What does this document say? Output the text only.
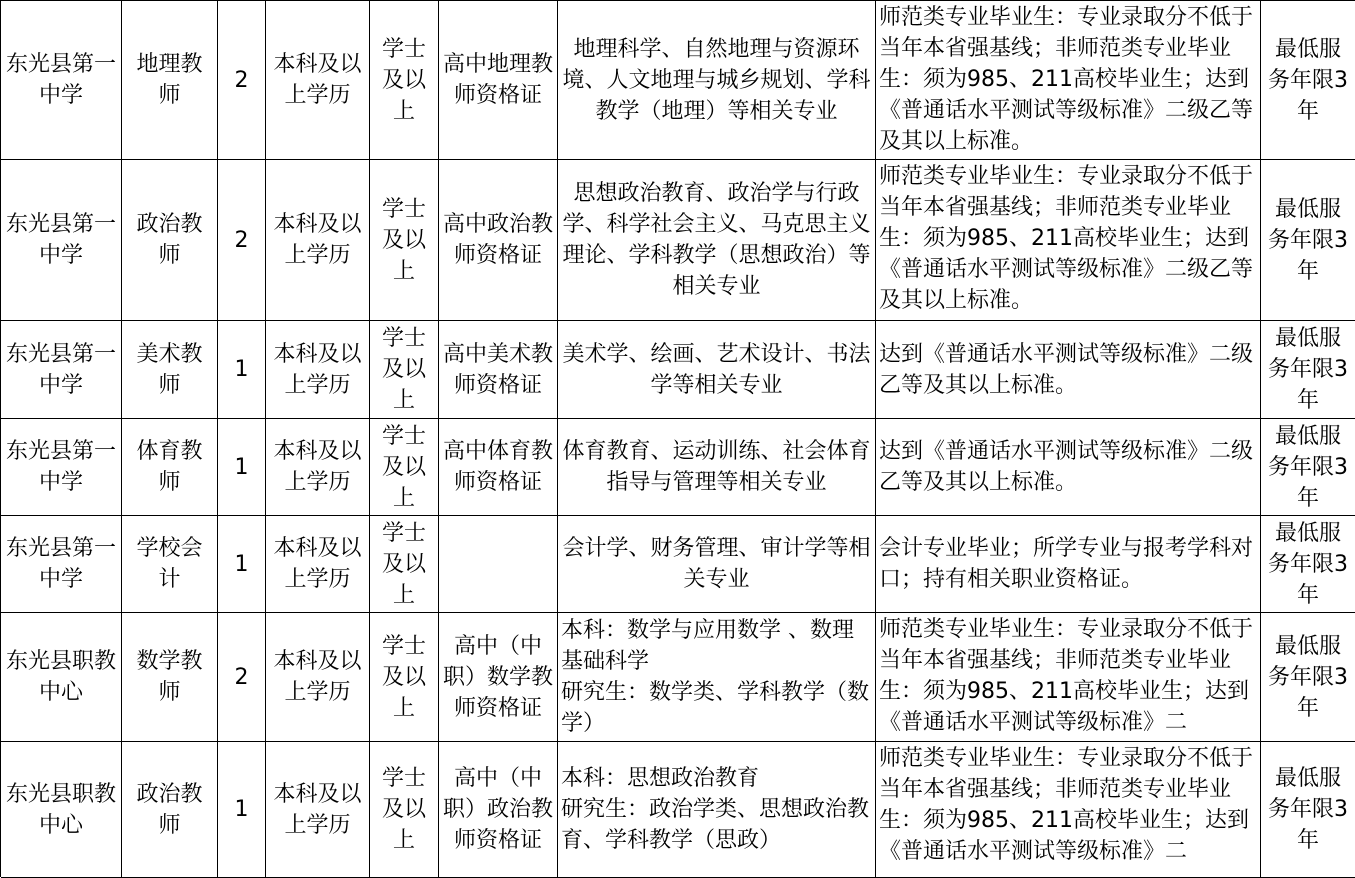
东光县第一中学
地理教师
2
本科及以上学历
学士及以上
高中地理教师资格证
地理科学、自然地理与资源环境、人文地理与城乡规划、学科教学（地理）等相关专业
师范类专业毕业生：专业录取分不低于当年本省强基线；非师范类专业毕业生：须为985、211高校毕业生；达到《普通话水平测试等级标准》二级乙等及其以上标准。
最低服务年限3年
东光县第一中学
政治教师
2
本科及以上学历
学士及以上
高中政治教师资格证
思想政治教育、政治学与行政学、科学社会主义、马克思主义理论、学科教学（思想政治）等相关专业
师范类专业毕业生：专业录取分不低于当年本省强基线；非师范类专业毕业生：须为985、211高校毕业生；达到《普通话水平测试等级标准》二级乙等及其以上标准。
最低服务年限3年
东光县第一中学
美术教师
1
本科及以上学历
学士及以上
高中美术教师资格证
美术学、绘画、艺术设计、书法学等相关专业
达到《普通话水平测试等级标准》二级乙等及其以上标准。
最低服务年限3年
东光县第一中学
体育教师
1
本科及以上学历
学士及以上
高中体育教师资格证
体育教育、运动训练、社会体育指导与管理等相关专业
达到《普通话水平测试等级标准》二级乙等及其以上标准。
最低服务年限3年
东光县第一中学
学校会计
1
本科及以上学历
学士及以上
会计学、财务管理、审计学等相关专业
会计专业毕业；所学专业与报考学科对口；持有相关职业资格证。
最低服务年限3年
东光县职教中心
数学教师
2
本科及以上学历
学士及以上
高中（中职）数学教师资格证
本科：数学与应用数学 、数理基础科学
研究生：数学类、学科教学（数学）
师范类专业毕业生：专业录取分不低于当年本省强基线；非师范类专业毕业生：须为985、211高校毕业生；达到《普通话水平测试等级标准》二
最低服务年限3年
东光县职教中心
政治教师
1
本科及以上学历
学士及以上
高中（中职）政治教师资格证
本科：思想政治教育
研究生：政治学类、思想政治教育、学科教学（思政）
师范类专业毕业生：专业录取分不低于当年本省强基线；非师范类专业毕业生：须为985、211高校毕业生；达到《普通话水平测试等级标准》二
最低服务年限3年
